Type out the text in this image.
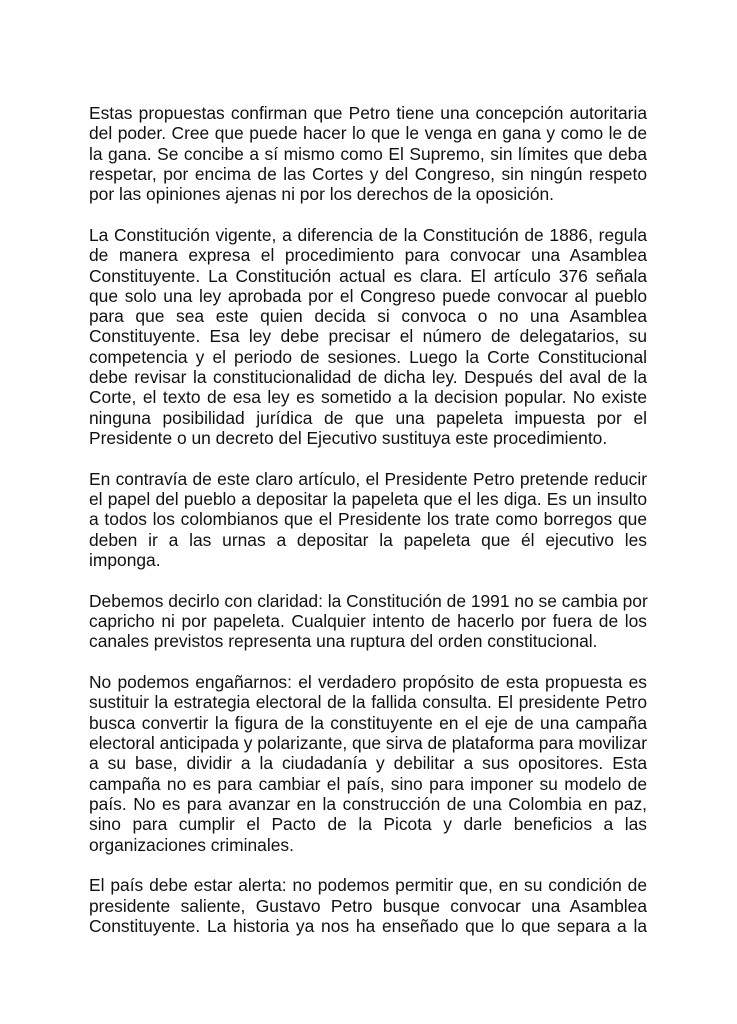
Estas propuestas confirman que Petro tiene una concepción autoritaria
del poder. Cree que puede hacer lo que le venga en gana y como le de
la gana. Se concibe a sí mismo como El Supremo, sin límites que deba
respetar, por encima de las Cortes y del Congreso, sin ningún respeto
por las opiniones ajenas ni por los derechos de la oposición.

La Constitución vigente, a diferencia de la Constitución de 1886, regula
de manera expresa el procedimiento para convocar una Asamblea
Constituyente. La Constitución actual es clara. El artículo 376 señala
que solo una ley aprobada por el Congreso puede convocar al pueblo
para que sea este quien decida si convoca o no una Asamblea
Constituyente. Esa ley debe precisar el número de delegatarios, su
competencia y el periodo de sesiones. Luego la Corte Constitucional
debe revisar la constitucionalidad de dicha ley. Después del aval de la
Corte, el texto de esa ley es sometido a la decision popular. No existe
ninguna posibilidad jurídica de que una papeleta impuesta por el
Presidente o un decreto del Ejecutivo sustituya este procedimiento.

En contravía de este claro artículo, el Presidente Petro pretende reducir
el papel del pueblo a depositar la papeleta que el les diga. Es un insulto
a todos los colombianos que el Presidente los trate como borregos que
deben ir a las urnas a depositar la papeleta que él ejecutivo les
imponga.

Debemos decirlo con claridad: la Constitución de 1991 no se cambia por
capricho ni por papeleta. Cualquier intento de hacerlo por fuera de los
canales previstos representa una ruptura del orden constitucional.

No podemos engañarnos: el verdadero propósito de esta propuesta es
sustituir la estrategia electoral de la fallida consulta. El presidente Petro
busca convertir la figura de la constituyente en el eje de una campaña
electoral anticipada y polarizante, que sirva de plataforma para movilizar
a su base, dividir a la ciudadanía y debilitar a sus opositores. Esta
campaña no es para cambiar el país, sino para imponer su modelo de
país. No es para avanzar en la construcción de una Colombia en paz,
sino para cumplir el Pacto de la Picota y darle beneficios a las
organizaciones criminales.

El país debe estar alerta: no podemos permitir que, en su condición de
presidente saliente, Gustavo Petro busque convocar una Asamblea
Constituyente. La historia ya nos ha enseñado que lo que separa a la
